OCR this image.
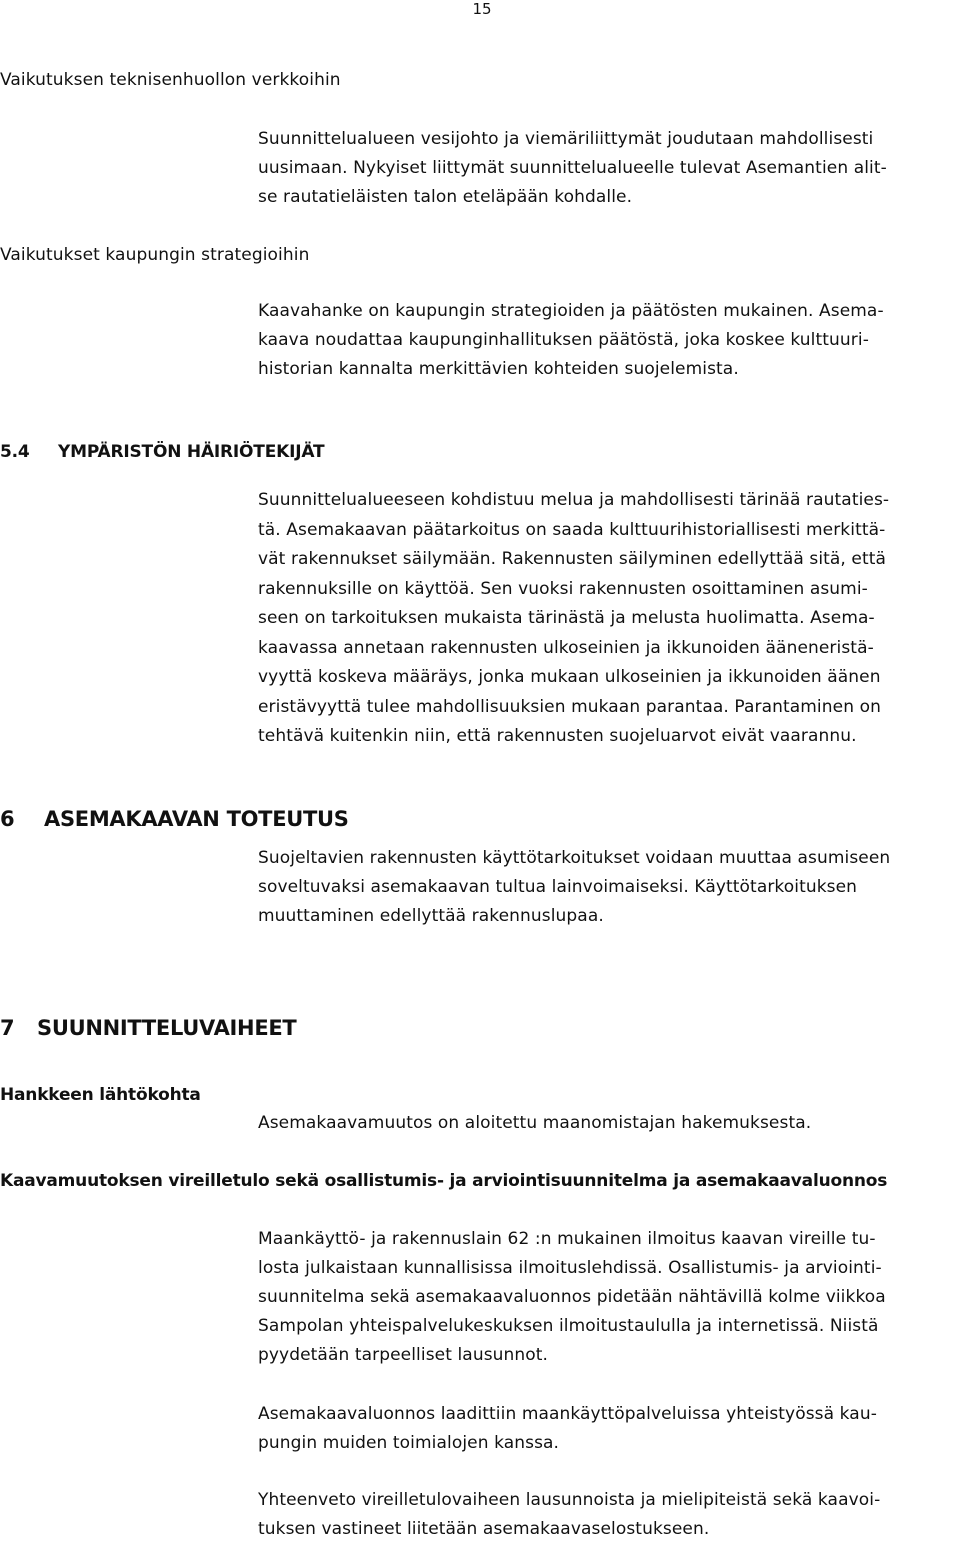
15
Vaikutuksen teknisenhuollon verkkoihin
Suunnittelualueen vesijohto ja viemäriliittymät joudutaan mahdollisesti
uusimaan. Nykyiset liittymät suunnittelualueelle tulevat Asemantien alit-
se rautatieläisten talon eteläpään kohdalle.
Vaikutukset kaupungin strategioihin
Kaavahanke on kaupungin strategioiden ja päätösten mukainen. Asema-
kaava noudattaa kaupunginhallituksen päätöstä, joka koskee kulttuuri-
historian kannalta merkittävien kohteiden suojelemista.
5.4 YMPÄRISTÖN HÄIRIÖTEKIJÄT
Suunnittelualueeseen kohdistuu melua ja mahdollisesti tärinää rautaties-
tä. Asemakaavan päätarkoitus on saada kulttuurihistoriallisesti merkittä-
vät rakennukset säilymään. Rakennusten säilyminen edellyttää sitä, että
rakennuksille on käyttöä. Sen vuoksi rakennusten osoittaminen asumi-
seen on tarkoituksen mukaista tärinästä ja melusta huolimatta. Asema-
kaavassa annetaan rakennusten ulkoseinien ja ikkunoiden ääneneristä-
vyyttä koskeva määräys, jonka mukaan ulkoseinien ja ikkunoiden äänen
eristävyyttä tulee mahdollisuuksien mukaan parantaa. Parantaminen on
tehtävä kuitenkin niin, että rakennusten suojeluarvot eivät vaarannu.
6 ASEMAKAAVAN TOTEUTUS
Suojeltavien rakennusten käyttötarkoitukset voidaan muuttaa asumiseen
soveltuvaksi asemakaavan tultua lainvoimaiseksi. Käyttötarkoituksen
muuttaminen edellyttää rakennuslupaa.
7 SUUNNITTELUVAIHEET
Hankkeen lähtökohta
Asemakaavamuutos on aloitettu maanomistajan hakemuksesta.
Kaavamuutoksen vireilletulo sekä osallistumis- ja arviointisuunnitelma ja asemakaavaluonnos
Maankäyttö- ja rakennuslain 62 :n mukainen ilmoitus kaavan vireille tu-
losta julkaistaan kunnallisissa ilmoituslehdissä. Osallistumis- ja arviointi-
suunnitelma sekä asemakaavaluonnos pidetään nähtävillä kolme viikkoa
Sampolan yhteispalvelukeskuksen ilmoitustaululla ja internetissä. Niistä
pyydetään tarpeelliset lausunnot.
Asemakaavaluonnos laadittiin maankäyttöpalveluissa yhteistyössä kau-
pungin muiden toimialojen kanssa.
Yhteenveto vireilletulovaiheen lausunnoista ja mielipiteistä sekä kaavoi-
tuksen vastineet liitetään asemakaavaselostukseen.
